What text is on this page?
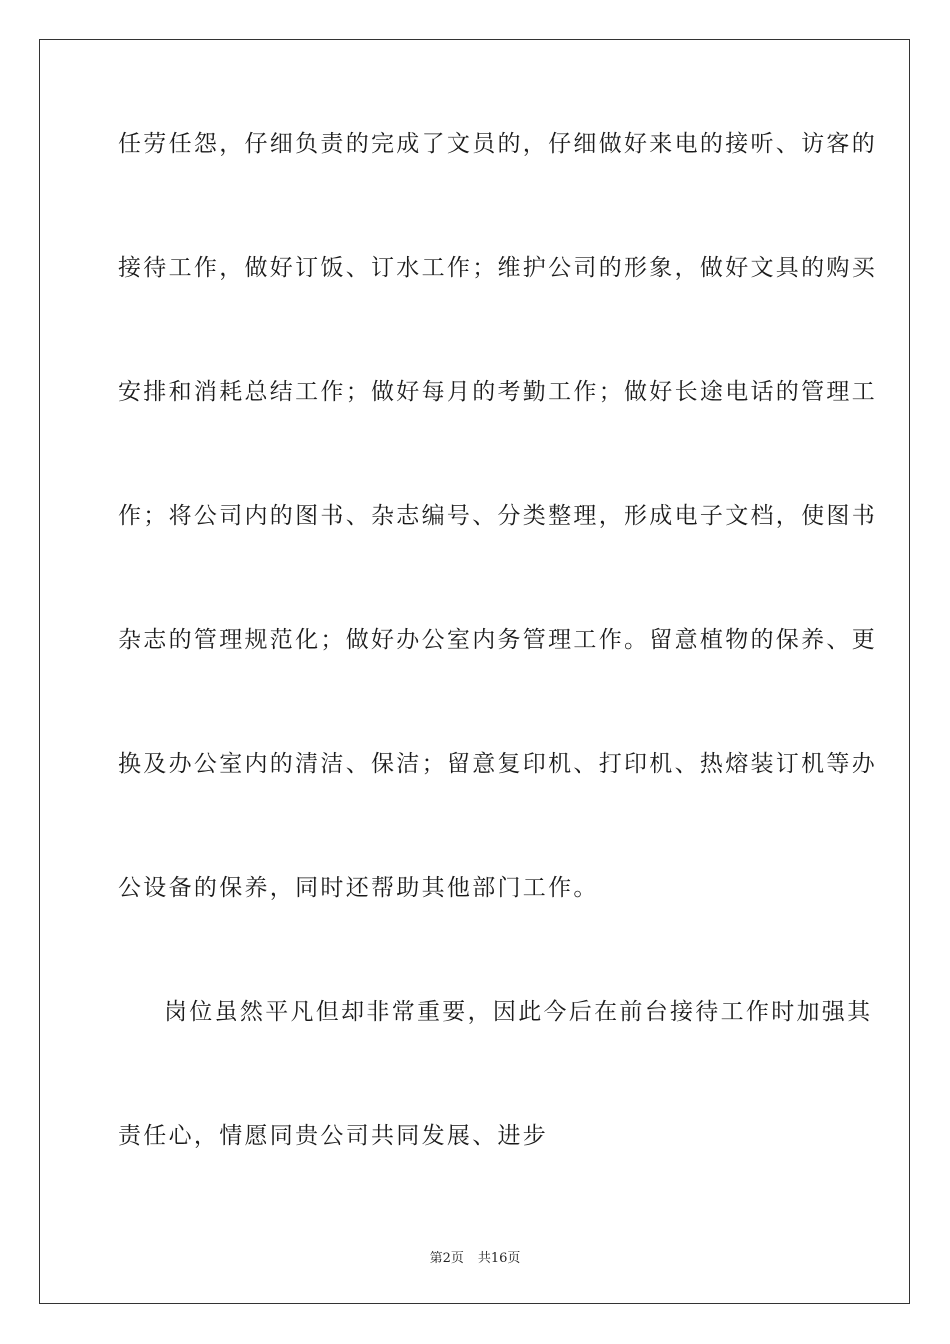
任劳任怨，仔细负责的完成了文员的，仔细做好来电的接听、访客的
接待工作，做好订饭、订水工作；维护公司的形象，做好文具的购买
安排和消耗总结工作；做好每月的考勤工作；做好长途电话的管理工
作；将公司内的图书、杂志编号、分类整理，形成电子文档，使图书
杂志的管理规范化；做好办公室内务管理工作。留意植物的保养、更
换及办公室内的清洁、保洁；留意复印机、打印机、热熔装订机等办
公设备的保养，同时还帮助其他部门工作。
岗位虽然平凡但却非常重要，因此今后在前台接待工作时加强其
责任心，情愿同贵公司共同发展、进步
第2页 共16页
